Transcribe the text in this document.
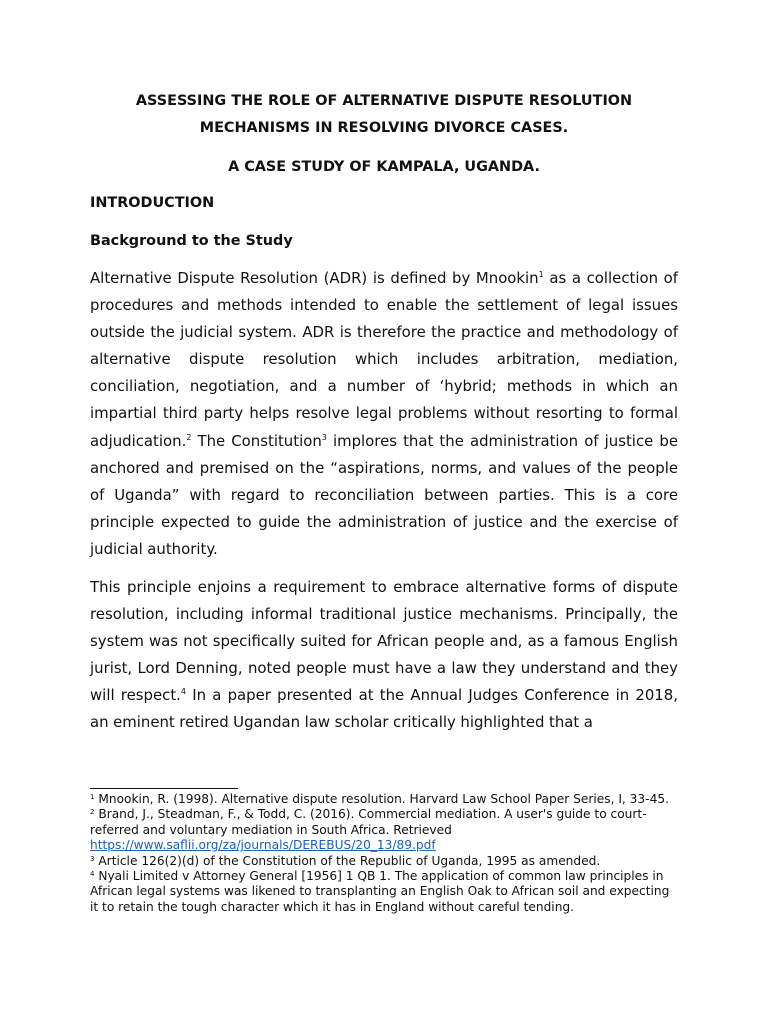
ASSESSING THE ROLE OF ALTERNATIVE DISPUTE RESOLUTION
MECHANISMS IN RESOLVING DIVORCE CASES.
A CASE STUDY OF KAMPALA, UGANDA.
INTRODUCTION
Background to the Study

Alternative Dispute Resolution (ADR) is defined by Mnookin$^1$ as a collection of procedures and methods intended to enable the settlement of legal issues outside the judicial system. ADR is therefore the practice and methodology of alternative dispute resolution which includes arbitration, mediation, conciliation, negotiation, and a number of ‘hybrid; methods in which an impartial third party helps resolve legal problems without resorting to formal adjudication.$^2$ The Constitution$^3$ implores that the administration of justice be anchored and premised on the “aspirations, norms, and values of the people of Uganda” with regard to reconciliation between parties. This is a core principle expected to guide the administration of justice and the exercise of judicial authority.

This principle enjoins a requirement to embrace alternative forms of dispute resolution, including informal traditional justice mechanisms. Principally, the system was not specifically suited for African people and, as a famous English jurist, Lord Denning, noted people must have a law they understand and they will respect.$^4$ In a paper presented at the Annual Judges Conference in 2018, an eminent retired Ugandan law scholar critically highlighted that a

$^1$ Mnookin, R. (1998). Alternative dispute resolution. Harvard Law School Paper Series, I, 33-45.

$^2$ Brand, J., Steadman, F., & Todd, C. (2016). Commercial mediation. A user's guide to court-referred and voluntary mediation in South Africa. Retrieved https://www.saflii.org/za/journals/DEREBUS/20_13/89.pdf

$^3$ Article 126(2)(d) of the Constitution of the Republic of Uganda, 1995 as amended.

$^4$ Nyali Limited v Attorney General [1956] 1 QB 1. The application of common law principles in African legal systems was likened to transplanting an English Oak to African soil and expecting it to retain the tough character which it has in England without careful tending.
